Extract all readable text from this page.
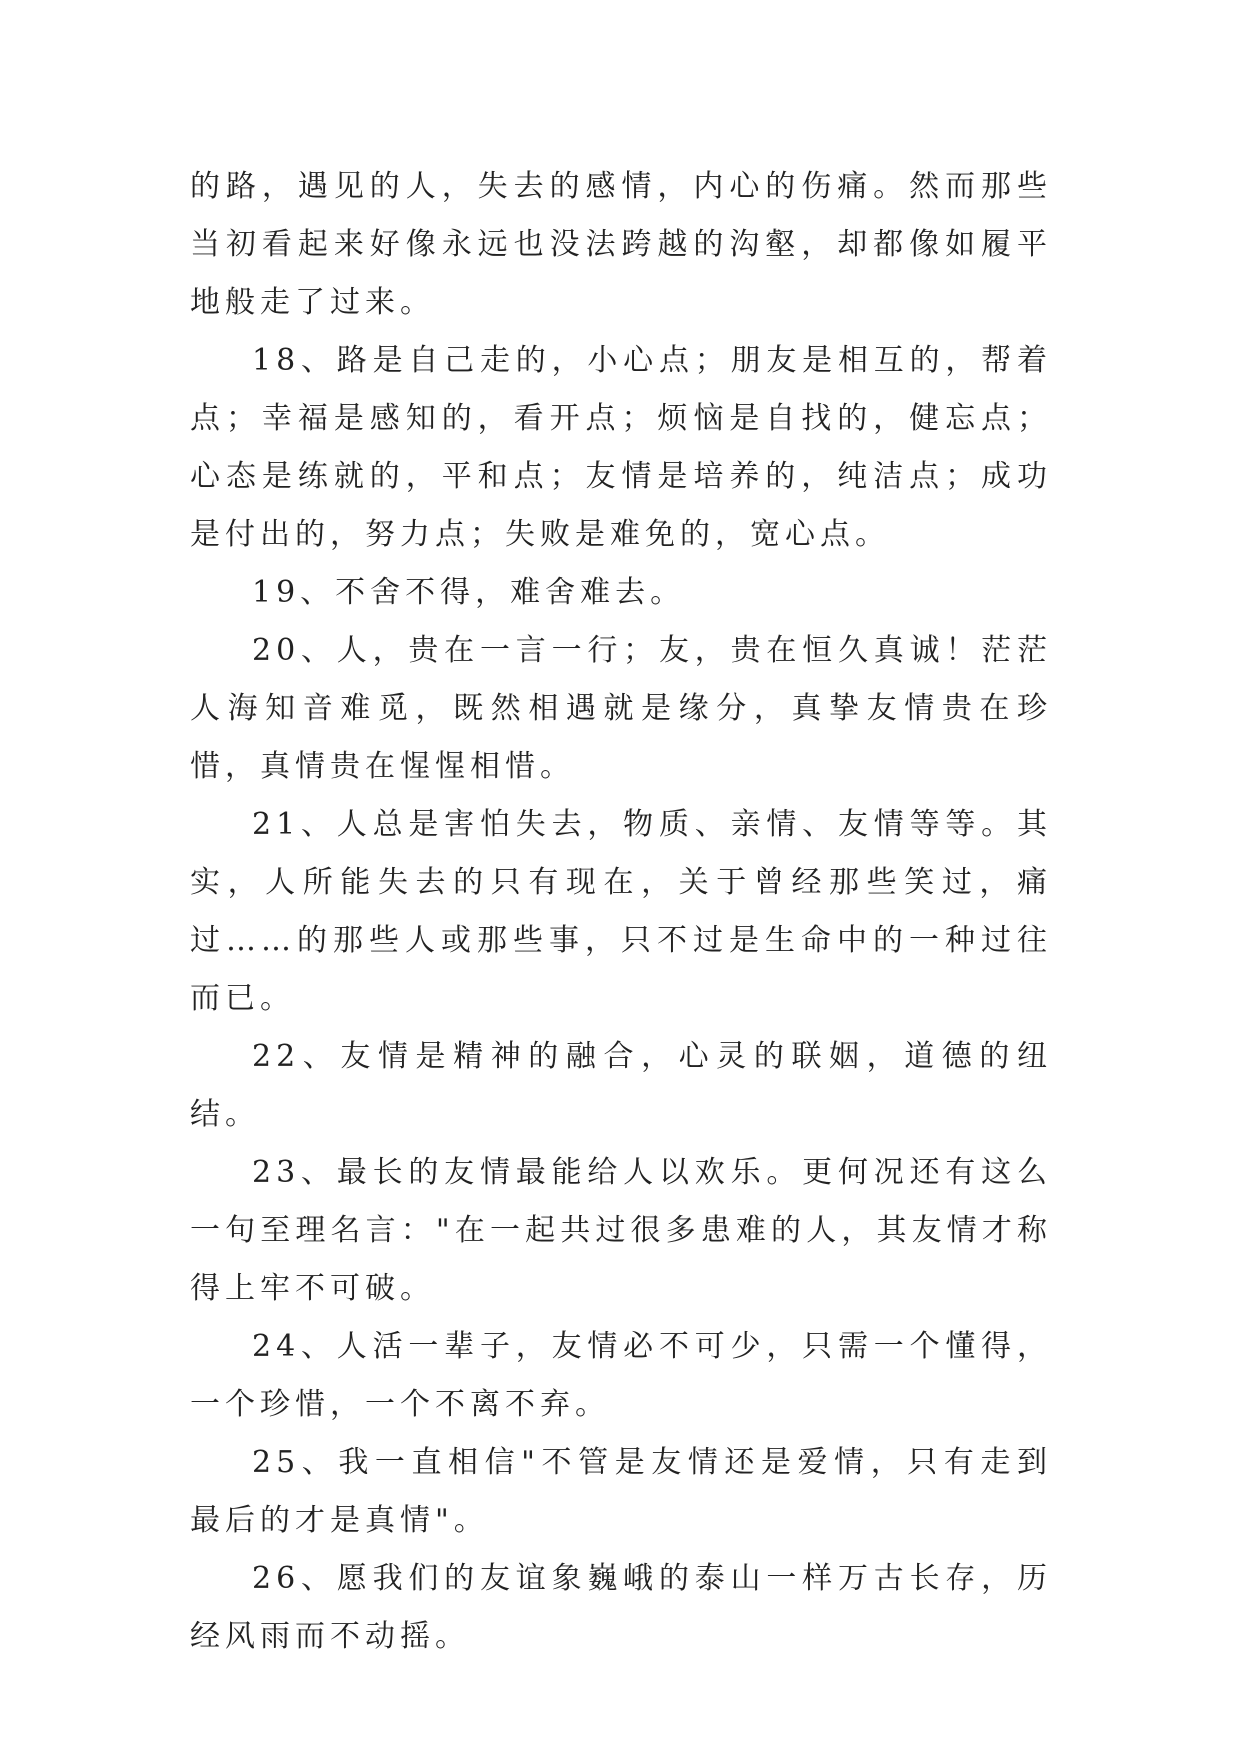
的路，遇见的人，失去的感情，内心的伤痛。然而那些当初看起来好像永远也没法跨越的沟壑，却都像如履平地般走了过来。

18、路是自己走的，小心点；朋友是相互的，帮着点；幸福是感知的，看开点；烦恼是自找的，健忘点；心态是练就的，平和点；友情是培养的，纯洁点；成功是付出的，努力点；失败是难免的，宽心点。

19、不舍不得，难舍难去。

20、人，贵在一言一行；友，贵在恒久真诚！茫茫人海知音难觅，既然相遇就是缘分，真挚友情贵在珍惜，真情贵在惺惺相惜。

21、人总是害怕失去，物质、亲情、友情等等。其实，人所能失去的只有现在，关于曾经那些笑过，痛过……的那些人或那些事，只不过是生命中的一种过往而已。

22、友情是精神的融合，心灵的联姻，道德的纽结。

23、最长的友情最能给人以欢乐。更何况还有这么一句至理名言："在一起共过很多患难的人，其友情才称得上牢不可破。

24、人活一辈子，友情必不可少，只需一个懂得，一个珍惜，一个不离不弃。

25、我一直相信"不管是友情还是爱情，只有走到最后的才是真情"。

26、愿我们的友谊象巍峨的泰山一样万古长存，历经风雨而不动摇。
